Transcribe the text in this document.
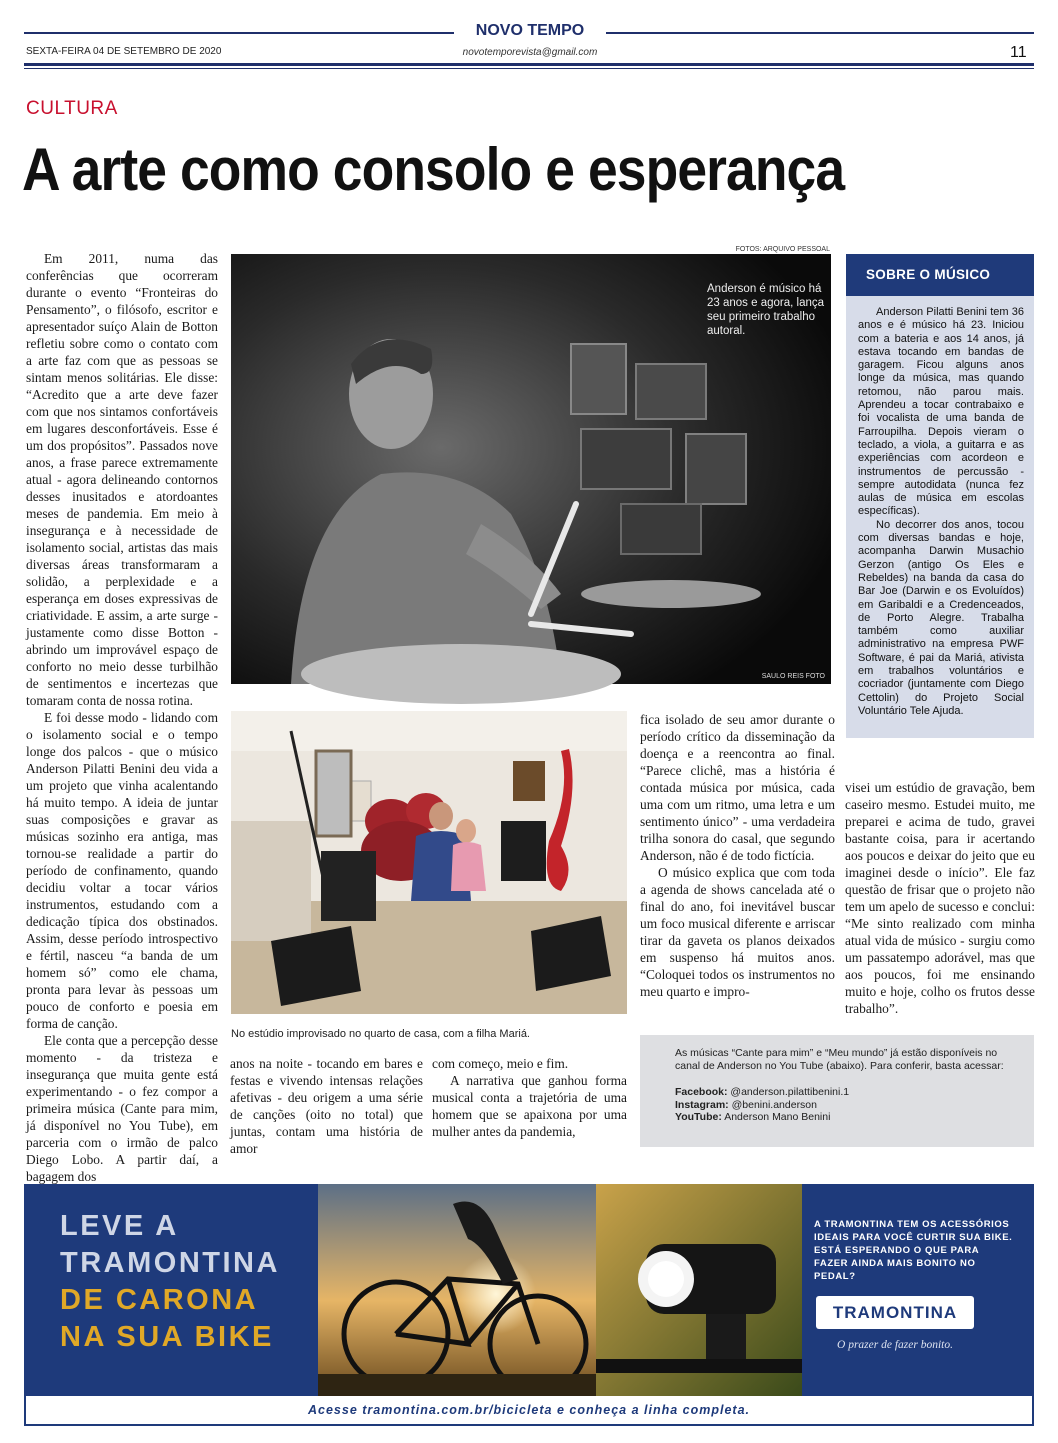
NOVO TEMPO
SEXTA-FEIRA 04 DE SETEMBRO DE 2020	novotemporevista@gmail.com	11
CULTURA
A arte como consolo e esperança

Em 2011, numa das conferências que ocorreram durante o evento “Fronteiras do Pensamento”, o filósofo, escritor e apresentador suíço Alain de Botton refletiu sobre como o contato com a arte faz com que as pessoas se sintam menos solitárias. Ele disse: “Acredito que a arte deve fazer com que nos sintamos confortáveis em lugares desconfortáveis. Esse é um dos propósitos”. Passados nove anos, a frase parece extremamente atual - agora delineando contornos desses inusitados e atordoantes meses de pandemia. Em meio à insegurança e à necessidade de isolamento social, artistas das mais diversas áreas transformaram a solidão, a perplexidade e a esperança em doses expressivas de criatividade. E assim, a arte surge - justamente como disse Botton - abrindo um improvável espaço de conforto no meio desse turbilhão de sentimentos e incertezas que tomaram conta de nossa rotina.

E foi desse modo - lidando com o isolamento social e o tempo longe dos palcos - que o músico Anderson Pilatti Benini deu vida a um projeto que vinha acalentando há muito tempo. A ideia de juntar suas composições e gravar as músicas sozinho era antiga, mas tornou-se realidade a partir do período de confinamento, quando decidiu voltar a tocar vários instrumentos, estudando com a dedicação típica dos obstinados. Assim, desse período introspectivo e fértil, nasceu “a banda de um homem só” como ele chama, pronta para levar às pessoas um pouco de conforto e poesia em forma de canção.

Ele conta que a percepção desse momento - da tristeza e insegurança que muita gente está experimentando - o fez compor a primeira música (Cante para mim, já disponível no You Tube), em parceria com o irmão de palco Diego Lobo. A partir daí, a bagagem dos

FOTOS: ARQUIVO PESSOAL
Anderson é músico há 23 anos e agora, lança seu primeiro trabalho autoral.
SAULO REIS FOTO
No estúdio improvisado no quarto de casa, com a filha Mariá.

anos na noite - tocando em bares e festas e vivendo intensas relações afetivas - deu origem a uma série de canções (oito no total) que juntas, contam uma história de amor

com começo, meio e fim.

A narrativa que ganhou forma musical conta a trajetória de uma homem que se apaixona por uma mulher antes da pandemia,

fica isolado de seu amor durante o período crítico da disseminação da doença e a reencontra ao final. “Parece clichê, mas a história é contada música por música, cada uma com um ritmo, uma letra e um sentimento único” - uma verdadeira trilha sonora do casal, que segundo Anderson, não é de todo fictícia.

O músico explica que com toda a agenda de shows cancelada até o final do ano, foi inevitável buscar um foco musical diferente e arriscar tirar da gaveta os planos deixados em suspenso há muitos anos. “Coloquei todos os instrumentos no meu quarto e impro-

visei um estúdio de gravação, bem caseiro mesmo. Estudei muito, me preparei e acima de tudo, gravei bastante coisa, para ir acertando aos poucos e deixar do jeito que eu imaginei desde o início”. Ele faz questão de frisar que o projeto não tem um apelo de sucesso e conclui: “Me sinto realizado com minha atual vida de músico - surgiu como um passatempo adorável, mas que aos poucos, foi me ensinando muito e hoje, colho os frutos desse trabalho”.

SOBRE O MÚSICO

Anderson Pilatti Benini tem 36 anos e é músico há 23. Iniciou com a bateria e aos 14 anos, já estava tocando em bandas de garagem. Ficou alguns anos longe da música, mas quando retomou, não parou mais. Aprendeu a tocar contrabaixo e foi vocalista de uma banda de Farroupilha. Depois vieram o teclado, a viola, a guitarra e as experiências com acordeon e instrumentos de percussão - sempre autodidata (nunca fez aulas de música em escolas específicas).

No decorrer dos anos, tocou com diversas bandas e hoje, acompanha Darwin Musachio Gerzon (antigo Os Eles e Rebeldes) na banda da casa do Bar Joe (Darwin e os Evoluídos) em Garibaldi e a Credenceados, de Porto Alegre. Trabalha também como auxiliar administrativo na empresa PWF Software, é pai da Mariá, ativista em trabalhos voluntários e cocriador (juntamente com Diego Cettolin) do Projeto Social Voluntário Tele Ajuda.

As músicas “Cante para mim” e “Meu mundo” já estão disponíveis no canal de Anderson no You Tube (abaixo). Para conferir, basta acessar:
Facebook: @anderson.pilattibenini.1
Instagram: @benini.anderson
YouTube: Anderson Mano Benini
LEVE A
TRAMONTINA
DE CARONA
NA SUA BIKE
A TRAMONTINA TEM OS ACESSÓRIOS IDEAIS PARA VOCÊ CURTIR SUA BIKE. ESTÁ ESPERANDO O QUE PARA FAZER AINDA MAIS BONITO NO PEDAL?
TRAMONTINA
O prazer de fazer bonito.
Acesse tramontina.com.br/bicicleta e conheça a linha completa.
